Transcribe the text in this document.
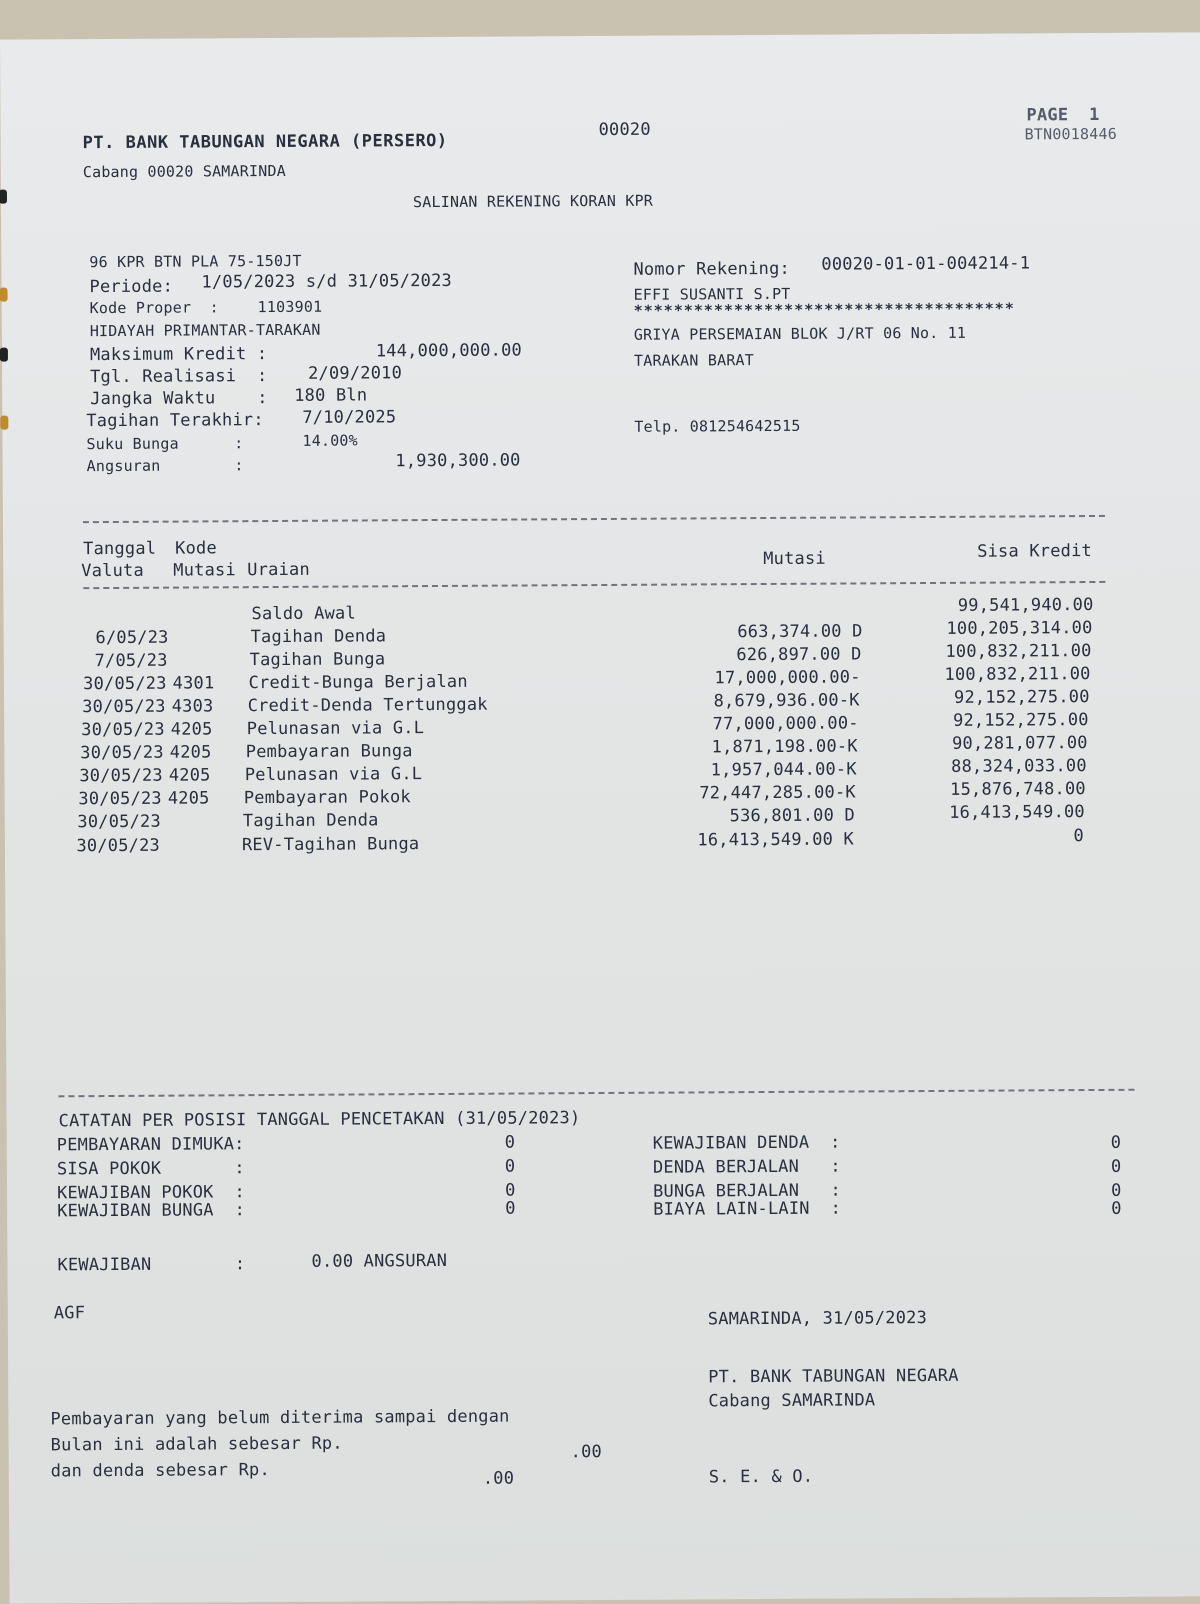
PT. BANK TABUNGAN NEGARA (PERSERO)
Cabang 00020 SAMARINDA
00020
PAGE  1
BTN0018446
SALINAN REKENING KORAN KPR
96 KPR BTN PLA 75-150JT
Periode: 1/05/2023 s/d 31/05/2023
Kode Proper  :	1103901
HIDAYAH PRIMANTAR-TARAKAN
Maksimum Kredit :	144,000,000.00
Tgl. Realisasi  : 2/09/2010
Jangka Waktu    : 180 Bln
Tagihan Terakhir: 7/10/2025
Suku Bunga      :	14.00%
Angsuran        :	1,930,300.00
Nomor Rekening: 00020-01-01-004214-1
EFFI SUSANTI S.PT
**************************************
GRIYA PERSEMAIAN BLOK J/RT 06 No. 11
TARAKAN BARAT
Telp. 081254642515
Tanggal Kode
Valuta Mutasi Uraian
Mutasi	Sisa Kredit
Saldo Awal	99,541,940.00
6/05/23	Tagihan Denda	663,374.00 D	100,205,314.00
7/05/23	Tagihan Bunga	626,897.00 D	100,832,211.00
30/05/23 4301 Credit-Bunga Berjalan	17,000,000.00-	100,832,211.00
30/05/23 4303 Credit-Denda Tertunggak	8,679,936.00-K	92,152,275.00
30/05/23 4205 Pelunasan via G.L	77,000,000.00-	92,152,275.00
30/05/23 4205 Pembayaran Bunga	1,871,198.00-K	90,281,077.00
30/05/23 4205 Pelunasan via G.L	1,957,044.00-K	88,324,033.00
30/05/23 4205 Pembayaran Pokok	72,447,285.00-K	15,876,748.00
30/05/23	Tagihan Denda	536,801.00 D	16,413,549.00
30/05/23	REV-Tagihan Bunga	16,413,549.00 K	0
CATATAN PER POSISI TANGGAL PENCETAKAN (31/05/2023)
PEMBAYARAN DIMUKA:	0
SISA POKOK       :	0
KEWAJIBAN POKOK  :	0
KEWAJIBAN BUNGA  :	0
KEWAJIBAN DENDA  :	0
DENDA BERJALAN   :	0
BUNGA BERJALAN   :	0
BIAYA LAIN-LAIN  :	0
KEWAJIBAN        :	0.00 ANGSURAN
AGF	SAMARINDA, 31/05/2023
PT. BANK TABUNGAN NEGARA
Cabang SAMARINDA
Pembayaran yang belum diterima sampai dengan
Bulan ini adalah sebesar Rp.	.00
dan denda sebesar Rp.	.00	S. E. & O.
